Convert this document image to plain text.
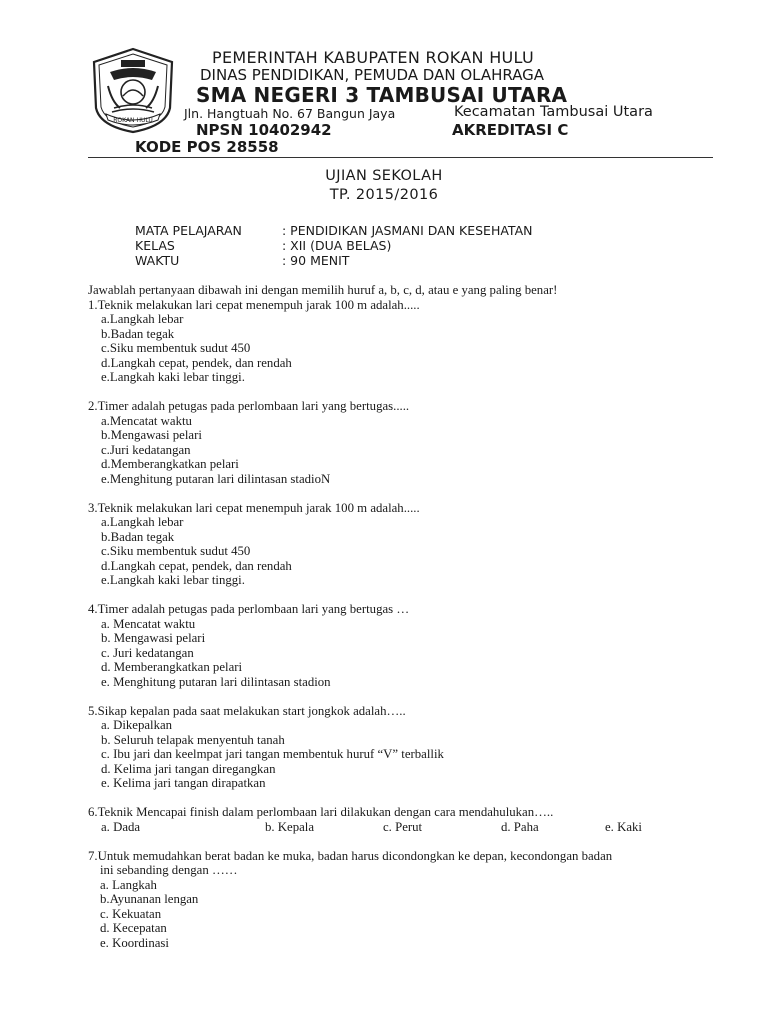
ROKAN HULU
PEMERINTAH KABUPATEN ROKAN HULU
DINAS PENDIDIKAN, PEMUDA DAN OLAHRAGA
SMA NEGERI 3 TAMBUSAI UTARA
Jln. Hangtuah No. 67 Bangun Jaya	Kecamatan Tambusai Utara
NPSN 10402942	AKREDITASI C
KODE POS 28558
UJIAN SEKOLAH
TP. 2015/2016
MATA PELAJARAN	: PENDIDIKAN JASMANI DAN KESEHATAN
KELAS	: XII (DUA BELAS)
WAKTU	: 90 MENIT
Jawablah pertanyaan dibawah ini dengan memilih huruf a, b, c, d, atau e yang paling benar!
1.Teknik melakukan lari cepat menempuh jarak 100 m adalah.....
a.Langkah lebar
b.Badan tegak
c.Siku membentuk sudut 450
d.Langkah cepat, pendek, dan rendah
e.Langkah kaki lebar tinggi.
2.Timer adalah petugas pada perlombaan lari yang bertugas.....
a.Mencatat waktu
b.Mengawasi pelari
c.Juri kedatangan
d.Memberangkatkan pelari
e.Menghitung putaran lari dilintasan stadioN
3.Teknik melakukan lari cepat menempuh jarak 100 m adalah.....
a.Langkah lebar
b.Badan tegak
c.Siku membentuk sudut 450
d.Langkah cepat, pendek, dan rendah
e.Langkah kaki lebar tinggi.
4.Timer adalah petugas pada perlombaan lari yang bertugas …
a. Mencatat waktu
b. Mengawasi pelari
c. Juri kedatangan
d. Memberangkatkan pelari
e. Menghitung putaran lari dilintasan stadion
5.Sikap kepalan pada saat melakukan start jongkok adalah…..
a. Dikepalkan
b. Seluruh telapak menyentuh tanah
c. Ibu jari dan keelmpat jari tangan membentuk huruf “V” terballik
d. Kelima jari tangan diregangkan
e. Kelima jari tangan dirapatkan
6.Teknik Mencapai finish dalam perlombaan lari dilakukan dengan cara mendahulukan…..
a. Dada	b. Kepala	c. Perut	d. Paha	e. Kaki
7.Untuk memudahkan berat badan ke muka, badan harus dicondongkan ke depan, kecondongan badan
ini sebanding dengan ……
a. Langkah
b.Ayunanan lengan
c. Kekuatan
d. Kecepatan
e. Koordinasi
